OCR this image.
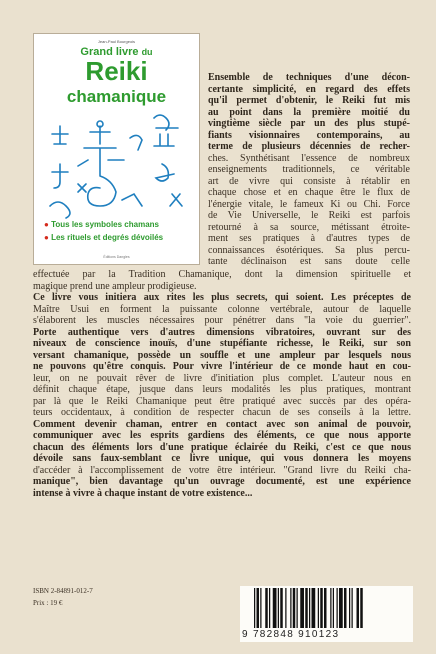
Jean-Paul Bourgeois
Grand livre du
Reiki
chamanique
● Tous les symboles chamans
● Les rituels et degrés dévoilés
Éditions Dangles
Ensemble de techniques d'une décon-
certante simplicité, en regard des effets
qu'il permet d'obtenir, le Reiki fut mis
au point dans la première moitié du
vingtième siècle par un des plus stupé-
fiants visionnaires contemporains, au
terme de plusieurs décennies de recher-
ches. Synthétisant l'essence de nombreux
enseignements traditionnels, ce véritable
art de vivre qui consiste à rétablir en
chaque chose et en chaque être le flux de
l'énergie vitale, le fameux Ki ou Chi. Force
de Vie Universelle, le Reiki est parfois
retourné à sa source, métissant étroite-
ment ses pratiques à d'autres types de
connaissances ésotériques. Sa plus percu-
tante déclinaison est sans doute celle
effectuée par la Tradition Chamanique, dont la dimension spirituelle et
magique prend une ampleur prodigieuse.
Ce livre vous initiera aux rites les plus secrets, qui soient. Les préceptes de
Maître Usui en forment la puissante colonne vertébrale, autour de laquelle
s'élaborent les muscles nécessaires pour pénétrer dans "la voie du guerrier".
Porte authentique vers d'autres dimensions vibratoires, ouvrant sur des
niveaux de conscience inouïs, d'une stupéfiante richesse, le Reiki, sur son
versant chamanique, possède un souffle et une ampleur par lesquels nous
ne pouvons qu'être conquis. Pour vivre l'intérieur de ce monde haut en cou-
leur, on ne pouvait rêver de livre d'initiation plus complet. L'auteur nous en
définit chaque étape, jusque dans leurs modalités les plus pratiques, montrant
par là que le Reiki Chamanique peut être pratiqué avec succès par des opéra-
teurs occidentaux, à condition de respecter chacun de ses conseils à la lettre.
Comment devenir chaman, entrer en contact avec son animal de pouvoir,
communiquer avec les esprits gardiens des éléments, ce que nous apporte
chacun des éléments lors d'une pratique éclairée du Reiki, c'est ce que nous
dévoile sans faux-semblant ce livre unique, qui vous donnera les moyens
d'accéder à l'accomplissement de votre être intérieur. "Grand livre du Reiki cha-
manique", bien davantage qu'un ouvrage documenté, est une expérience
intense à vivre à chaque instant de votre existence...
ISBN 2-84891-012-7
Prix : 19 €
9 782848 910123
